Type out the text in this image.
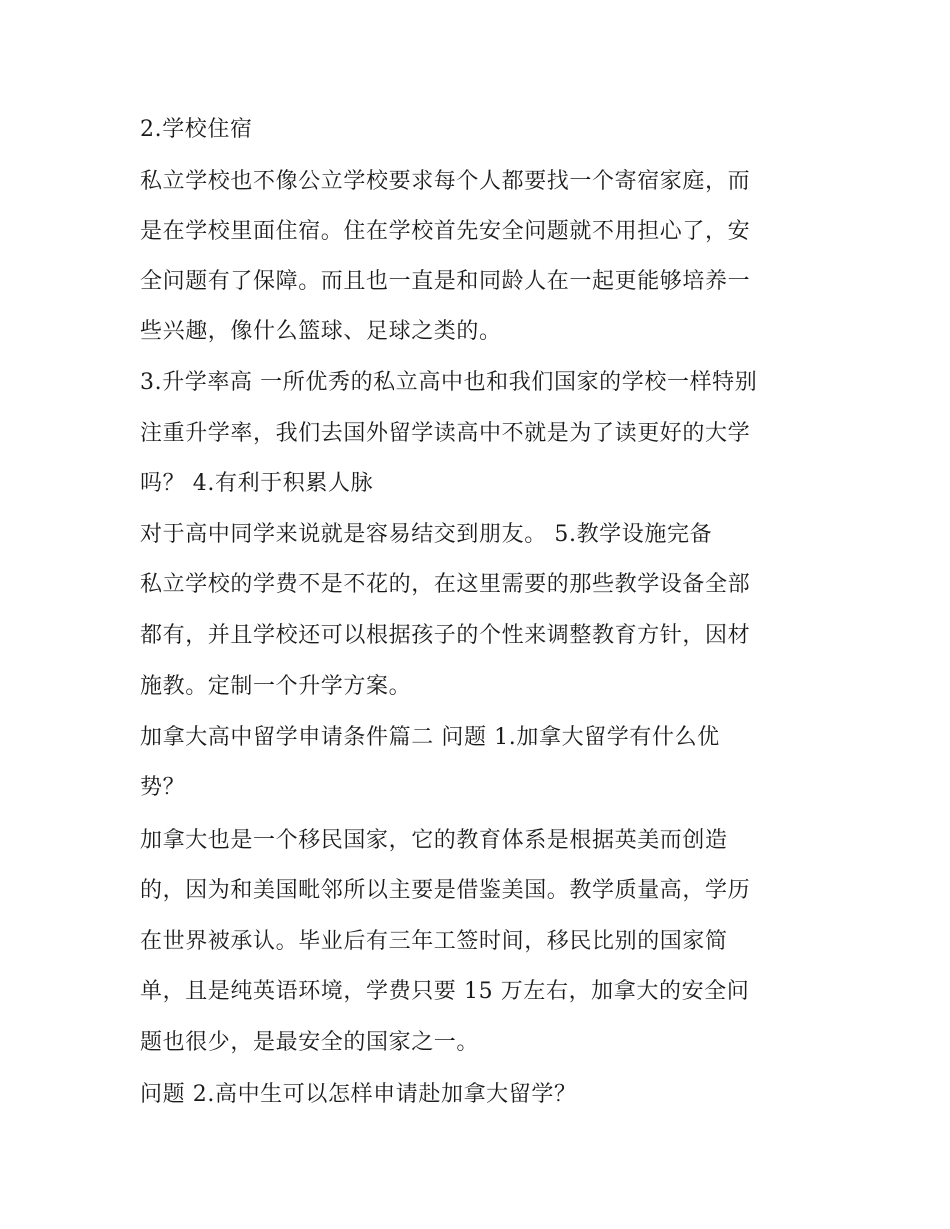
2.学校住宿
私立学校也不像公立学校要求每个人都要找一个寄宿家庭，而
是在学校里面住宿。住在学校首先安全问题就不用担心了，安
全问题有了保障。而且也一直是和同龄人在一起更能够培养一
些兴趣，像什么篮球、足球之类的。
3.升学率高 一所优秀的私立高中也和我们国家的学校一样特别
注重升学率，我们去国外留学读高中不就是为了读更好的大学
吗？ 4.有利于积累人脉
对于高中同学来说就是容易结交到朋友。 5.教学设施完备
私立学校的学费不是不花的，在这里需要的那些教学设备全部
都有，并且学校还可以根据孩子的个性来调整教育方针，因材
施教。定制一个升学方案。
加拿大高中留学申请条件篇二 问题 1.加拿大留学有什么优
势？
加拿大也是一个移民国家，它的教育体系是根据英美而创造
的，因为和美国毗邻所以主要是借鉴美国。教学质量高，学历
在世界被承认。毕业后有三年工签时间，移民比别的国家简
单，且是纯英语环境，学费只要 15 万左右，加拿大的安全问
题也很少，是最安全的国家之一。
问题 2.高中生可以怎样申请赴加拿大留学？
